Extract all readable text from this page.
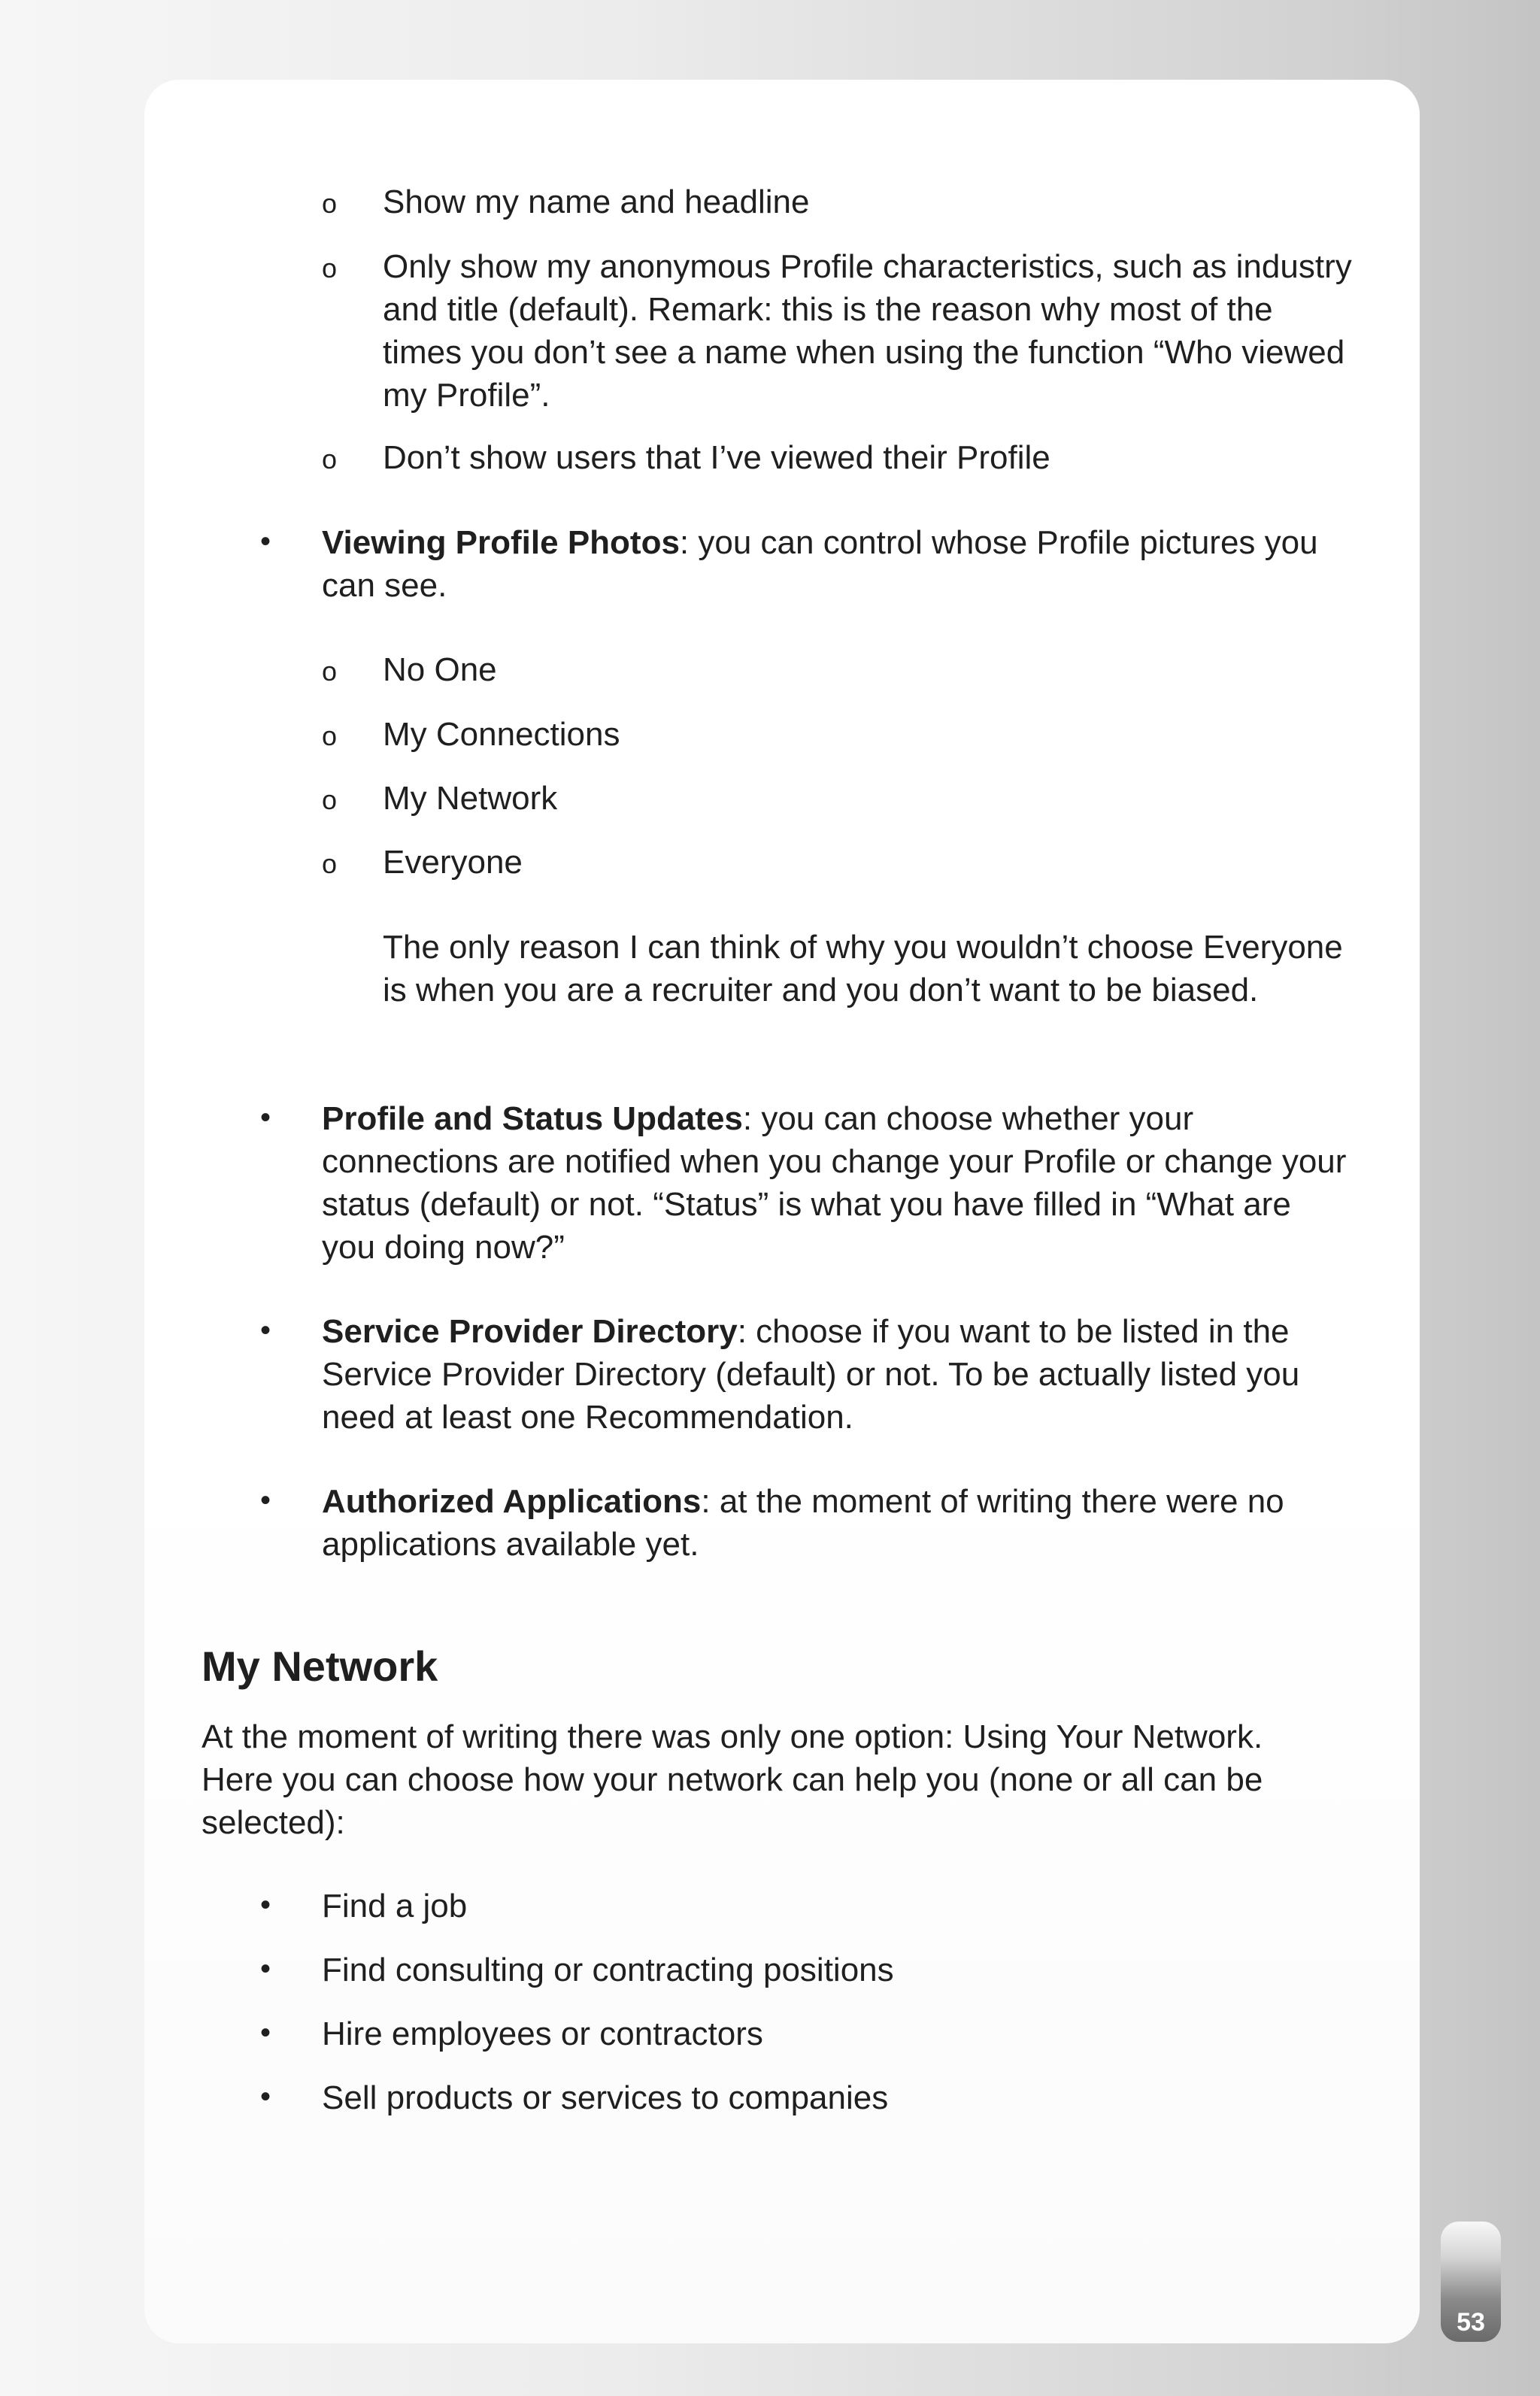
o Show my name and headline
o Only show my anonymous Profile characteristics, such as industry and title (default). Remark: this is the reason why most of the times you don’t see a name when using the function “Who viewed my Profile”.
o Don’t show users that I’ve viewed their Profile
• Viewing Profile Photos: you can control whose Profile pictures you can see.
o No One
o My Connections
o My Network
o Everyone
The only reason I can think of why you wouldn’t choose Everyone is when you are a recruiter and you don’t want to be biased.
• Profile and Status Updates: you can choose whether your connections are notified when you change your Profile or change your status (default) or not. “Status” is what you have filled in “What are you doing now?”
• Service Provider Directory: choose if you want to be listed in the Service Provider Directory (default) or not. To be actually listed you need at least one Recommendation.
• Authorized Applications: at the moment of writing there were no applications available yet.
My Network
At the moment of writing there was only one option: Using Your Network. Here you can choose how your network can help you (none or all can be selected):
• Find a job
• Find consulting or contracting positions
• Hire employees or contractors
• Sell products or services to companies
53
